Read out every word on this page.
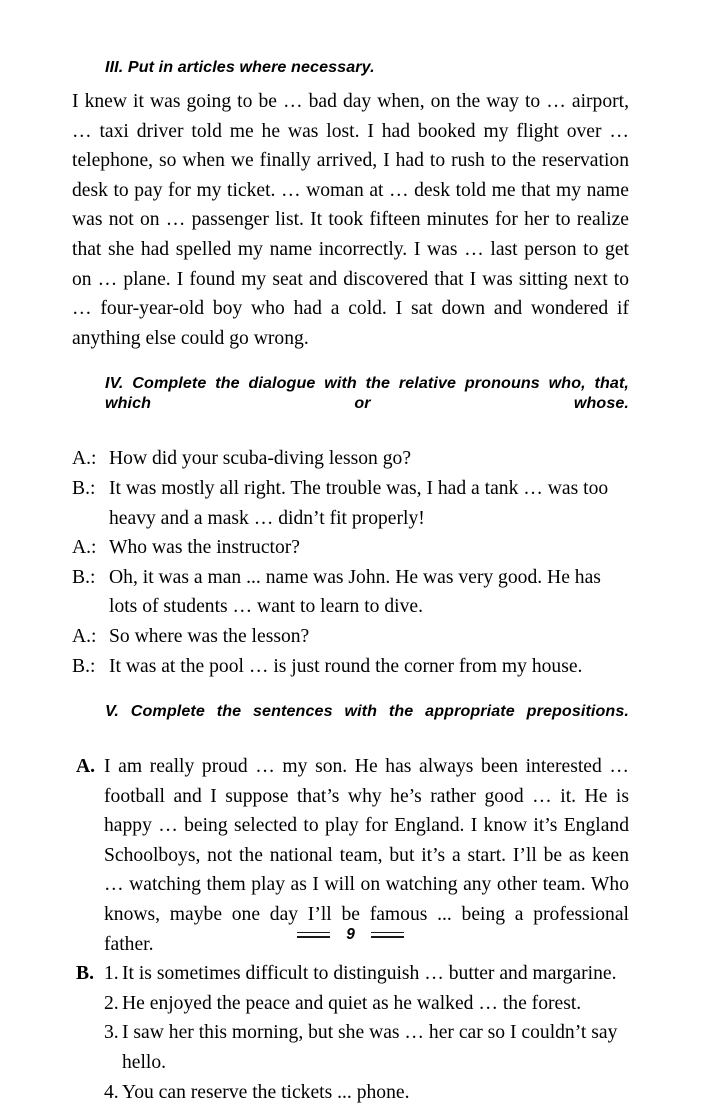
III. Put in articles where necessary.

I knew it was going to be … bad day when, on the way to … airport, … taxi driver told me he was lost. I had booked my flight over … telephone, so when we finally arrived, I had to rush to the reservation desk to pay for my ticket. … woman at … desk told me that my name was not on … passenger list. It took fifteen minutes for her to realize that she had spelled my name incorrectly. I was … last person to get on … plane. I found my seat and discovered that I was sitting next to … four-year-old boy who had a cold. I sat down and wondered if anything else could go wrong.

IV. Complete the dialogue with the relative pronouns who, that, which or whose.
A.: How did your scuba-diving lesson go?
B.: It was mostly all right. The trouble was, I had a tank … was too heavy and a mask … didn’t fit properly!
A.: Who was the instructor?
B.: Oh, it was a man ... name was John. He was very good. He has lots of students … want to learn to dive.
A.: So where was the lesson?
B.: It was at the pool … is just round the corner from my house.
V. Complete the sentences with the appropriate prepositions.
A. I am really proud … my son. He has always been interested … football and I suppose that’s why he’s rather good … it. He is happy … being selected to play for England. I know it’s England Schoolboys, not the national team, but it’s a start. I’ll be as keen … watching them play as I will on watching any other team. Who knows, maybe one day I’ll be famous ... being a professional father.

B. 1. It is sometimes difficult to distinguish … butter and margarine.
2. He enjoyed the peace and quiet as he walked … the forest.
3. I saw her this morning, but she was … her car so I couldn’t say hello.
4. You can reserve the tickets ... phone.
9
